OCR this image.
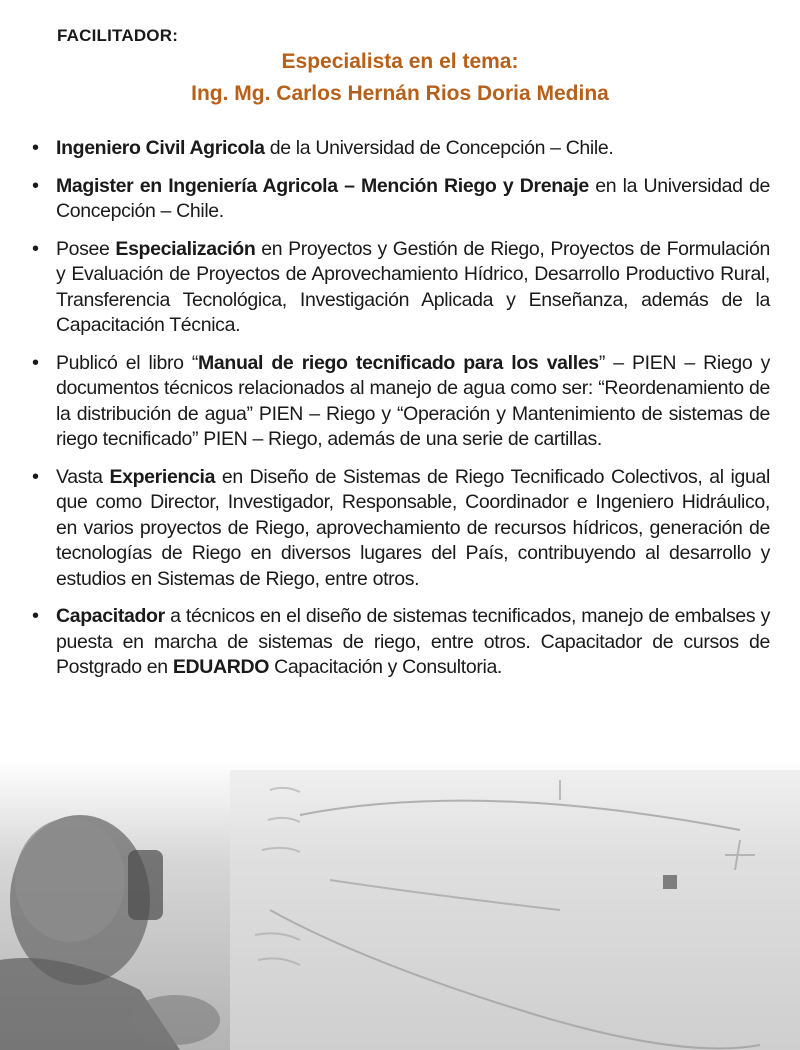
FACILITADOR:
Especialista en el tema:
Ing. Mg. Carlos Hernán Rios Doria Medina
• Ingeniero Civil Agricola de la Universidad de Concepción – Chile.
• Magister en Ingeniería Agricola – Mención Riego y Drenaje en la Universidad de Concepción – Chile.
• Posee Especialización en Proyectos y Gestión de Riego, Proyectos de Formulación y Evaluación de Proyectos de Aprovechamiento Hídrico, Desarrollo Productivo Rural, Transferencia Tecnológica, Investigación Aplicada y Enseñanza, además de la Capacitación Técnica.
• Publicó el libro “Manual de riego tecnificado para los valles” – PIEN – Riego y documentos técnicos relacionados al manejo de agua como ser: “Reordenamiento de la distribución de agua” PIEN – Riego y “Operación y Mantenimiento de sistemas de riego tecnificado” PIEN – Riego, además de una serie de cartillas.
• Vasta Experiencia en Diseño de Sistemas de Riego Tecnificado Colectivos, al igual que como Director, Investigador, Responsable, Coordinador e Ingeniero Hidráulico, en varios proyectos de Riego, aprovechamiento de recursos hídricos, generación de tecnologías de Riego en diversos lugares del País, contribuyendo al desarrollo y estudios en Sistemas de Riego, entre otros.
• Capacitador a técnicos en el diseño de sistemas tecnificados, manejo de embalses y puesta en marcha de sistemas de riego, entre otros. Capacitador de cursos de Postgrado en EDUARDO Capacitación y Consultoria.
